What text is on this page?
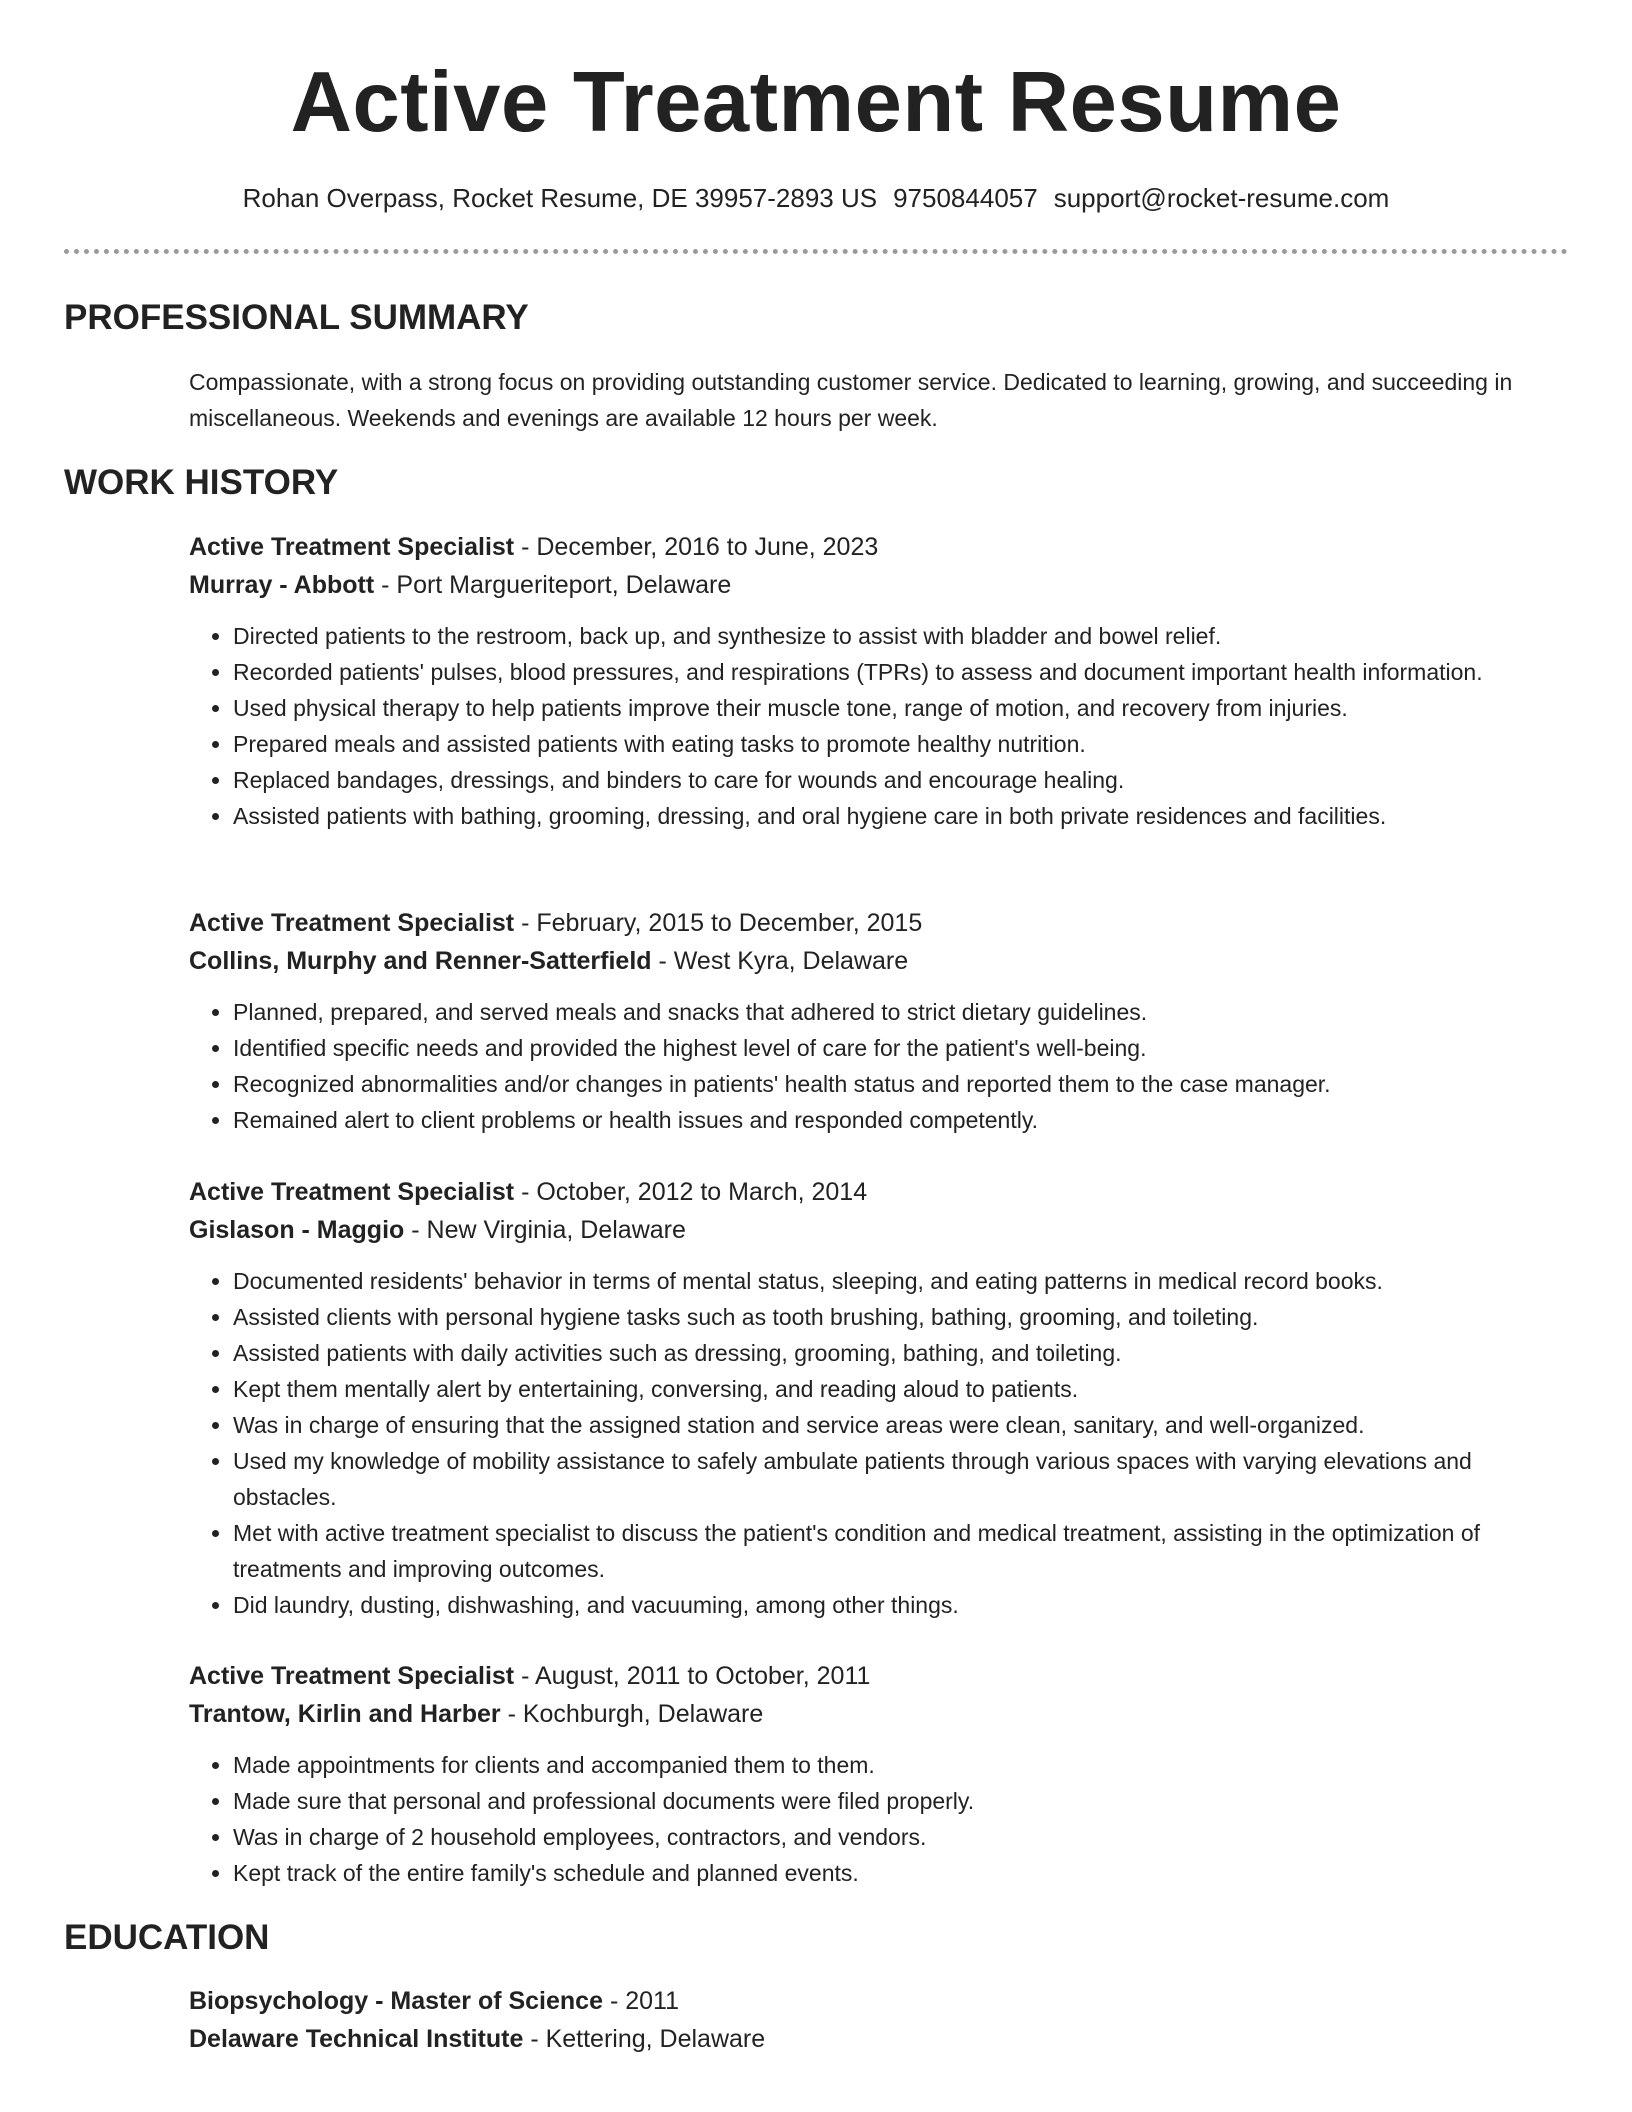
Active Treatment Resume
Rohan Overpass, Rocket Resume, DE 39957-2893 US 9750844057 support@rocket-resume.com
PROFESSIONAL SUMMARY
Compassionate, with a strong focus on providing outstanding customer service. Dedicated to learning, growing, and succeeding in miscellaneous. Weekends and evenings are available 12 hours per week.
WORK HISTORY
Active Treatment Specialist - December, 2016 to June, 2023
Murray - Abbott - Port Margueriteport, Delaware
• Directed patients to the restroom, back up, and synthesize to assist with bladder and bowel relief.
• Recorded patients' pulses, blood pressures, and respirations (TPRs) to assess and document important health information.
• Used physical therapy to help patients improve their muscle tone, range of motion, and recovery from injuries.
• Prepared meals and assisted patients with eating tasks to promote healthy nutrition.
• Replaced bandages, dressings, and binders to care for wounds and encourage healing.
• Assisted patients with bathing, grooming, dressing, and oral hygiene care in both private residences and facilities.
Active Treatment Specialist - February, 2015 to December, 2015
Collins, Murphy and Renner-Satterfield - West Kyra, Delaware
• Planned, prepared, and served meals and snacks that adhered to strict dietary guidelines.
• Identified specific needs and provided the highest level of care for the patient's well-being.
• Recognized abnormalities and/or changes in patients' health status and reported them to the case manager.
• Remained alert to client problems or health issues and responded competently.
Active Treatment Specialist - October, 2012 to March, 2014
Gislason - Maggio - New Virginia, Delaware
• Documented residents' behavior in terms of mental status, sleeping, and eating patterns in medical record books.
• Assisted clients with personal hygiene tasks such as tooth brushing, bathing, grooming, and toileting.
• Assisted patients with daily activities such as dressing, grooming, bathing, and toileting.
• Kept them mentally alert by entertaining, conversing, and reading aloud to patients.
• Was in charge of ensuring that the assigned station and service areas were clean, sanitary, and well-organized.
• Used my knowledge of mobility assistance to safely ambulate patients through various spaces with varying elevations and obstacles.
• Met with active treatment specialist to discuss the patient's condition and medical treatment, assisting in the optimization of treatments and improving outcomes.
• Did laundry, dusting, dishwashing, and vacuuming, among other things.
Active Treatment Specialist - August, 2011 to October, 2011
Trantow, Kirlin and Harber - Kochburgh, Delaware
• Made appointments for clients and accompanied them to them.
• Made sure that personal and professional documents were filed properly.
• Was in charge of 2 household employees, contractors, and vendors.
• Kept track of the entire family's schedule and planned events.
EDUCATION
Biopsychology - Master of Science - 2011
Delaware Technical Institute - Kettering, Delaware
